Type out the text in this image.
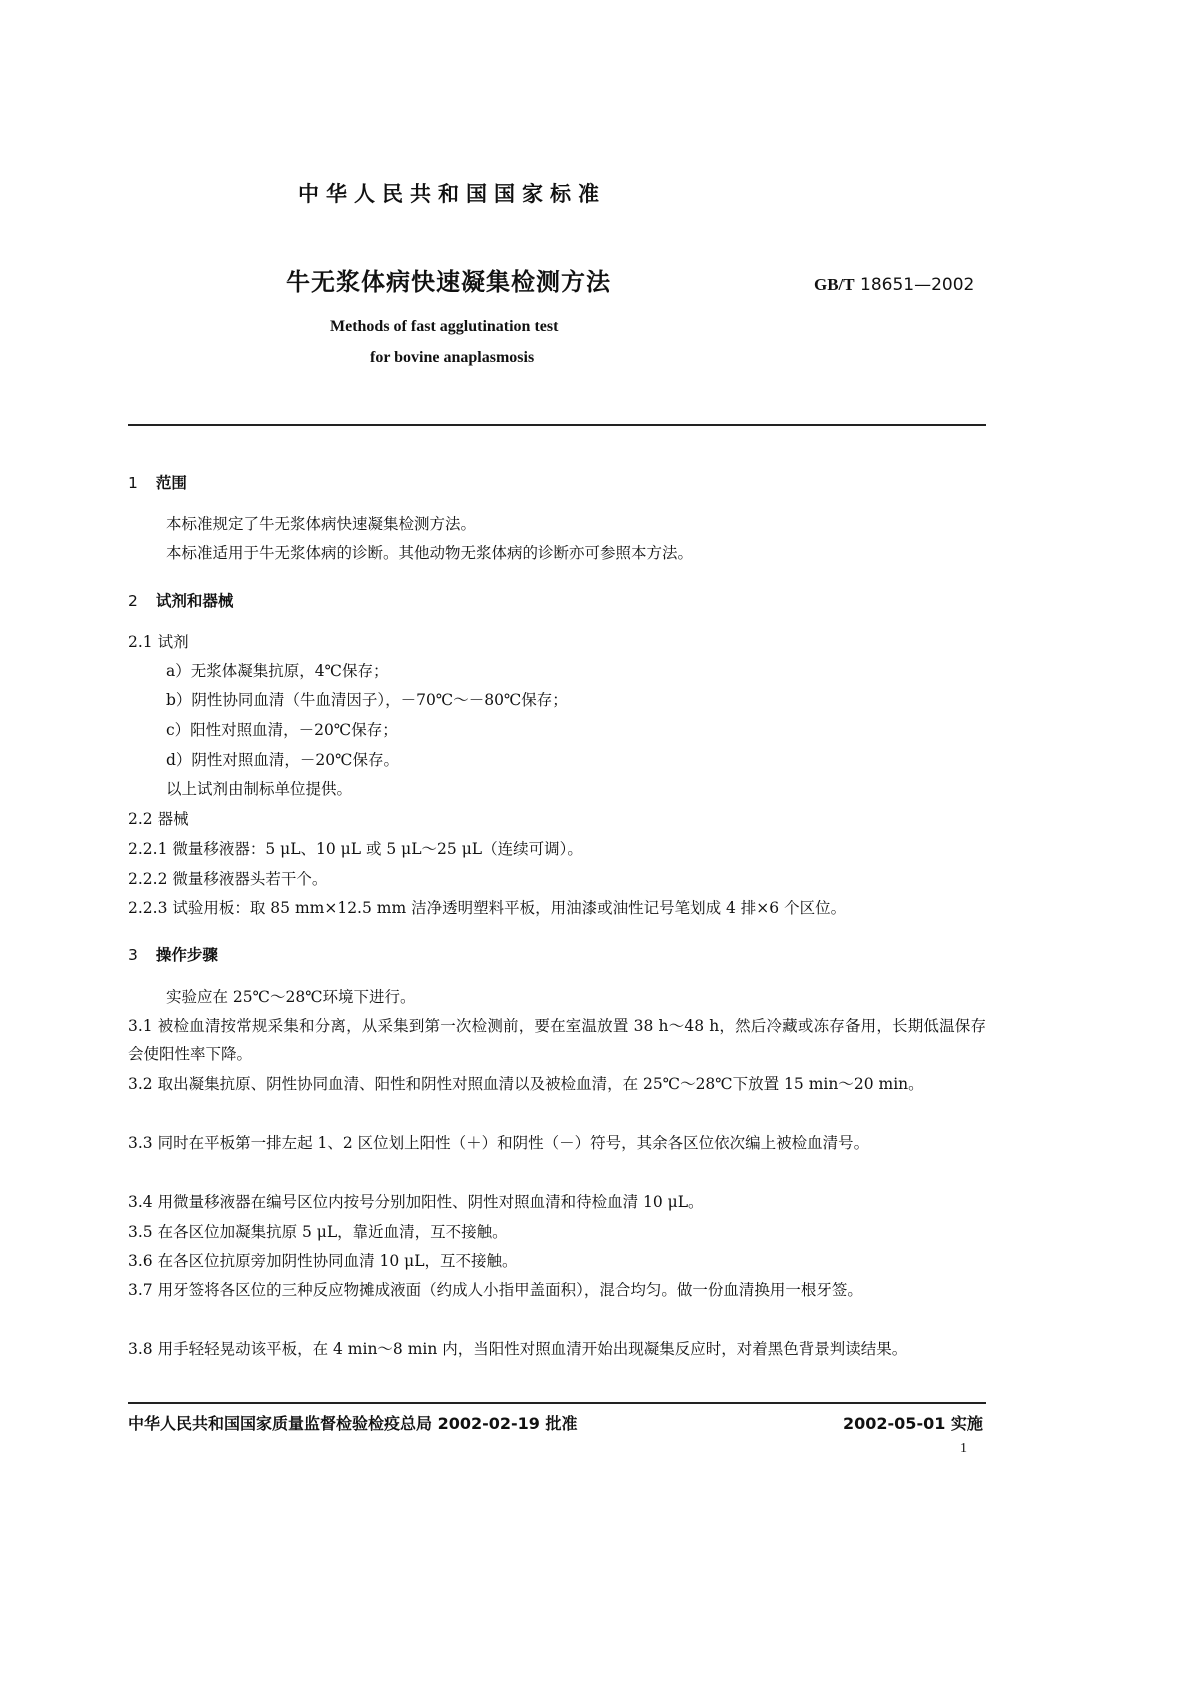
中华人民共和国国家标准
牛无浆体病快速凝集检测方法	GB/T 18651—2002
Methods of fast agglutination test
for bovine anaplasmosis
1 范围
本标准规定了牛无浆体病快速凝集检测方法。
本标准适用于牛无浆体病的诊断。其他动物无浆体病的诊断亦可参照本方法。
2 试剂和器械
2.1 试剂
a）无浆体凝集抗原，4℃保存；
b）阴性协同血清（牛血清因子），－70℃～－80℃保存；
c）阳性对照血清，－20℃保存；
d）阴性对照血清，－20℃保存。
以上试剂由制标单位提供。
2.2 器械
2.2.1 微量移液器：5 μL、10 μL 或 5 μL～25 μL（连续可调）。
2.2.2 微量移液器头若干个。
2.2.3 试验用板：取 85 mm×12.5 mm 洁净透明塑料平板，用油漆或油性记号笔划成 4 排×6 个区位。
3 操作步骤
实验应在 25℃～28℃环境下进行。
3.1 被检血清按常规采集和分离，从采集到第一次检测前，要在室温放置 38 h～48 h，然后冷藏或冻存备用，长期低温保存会使阳性率下降。
3.2 取出凝集抗原、阴性协同血清、阳性和阴性对照血清以及被检血清，在 25℃～28℃下放置 15 min～20 min。
3.3 同时在平板第一排左起 1、2 区位划上阳性（＋）和阴性（－）符号，其余各区位依次编上被检血清号。
3.4 用微量移液器在编号区位内按号分别加阳性、阴性对照血清和待检血清 10 μL。
3.5 在各区位加凝集抗原 5 μL，靠近血清，互不接触。
3.6 在各区位抗原旁加阴性协同血清 10 μL，互不接触。
3.7 用牙签将各区位的三种反应物摊成液面（约成人小指甲盖面积），混合均匀。做一份血清换用一根牙签。
3.8 用手轻轻晃动该平板，在 4 min～8 min 内，当阳性对照血清开始出现凝集反应时，对着黑色背景判读结果。
中华人民共和国国家质量监督检验检疫总局 2002-02-19 批准	2002-05-01 实施
1
